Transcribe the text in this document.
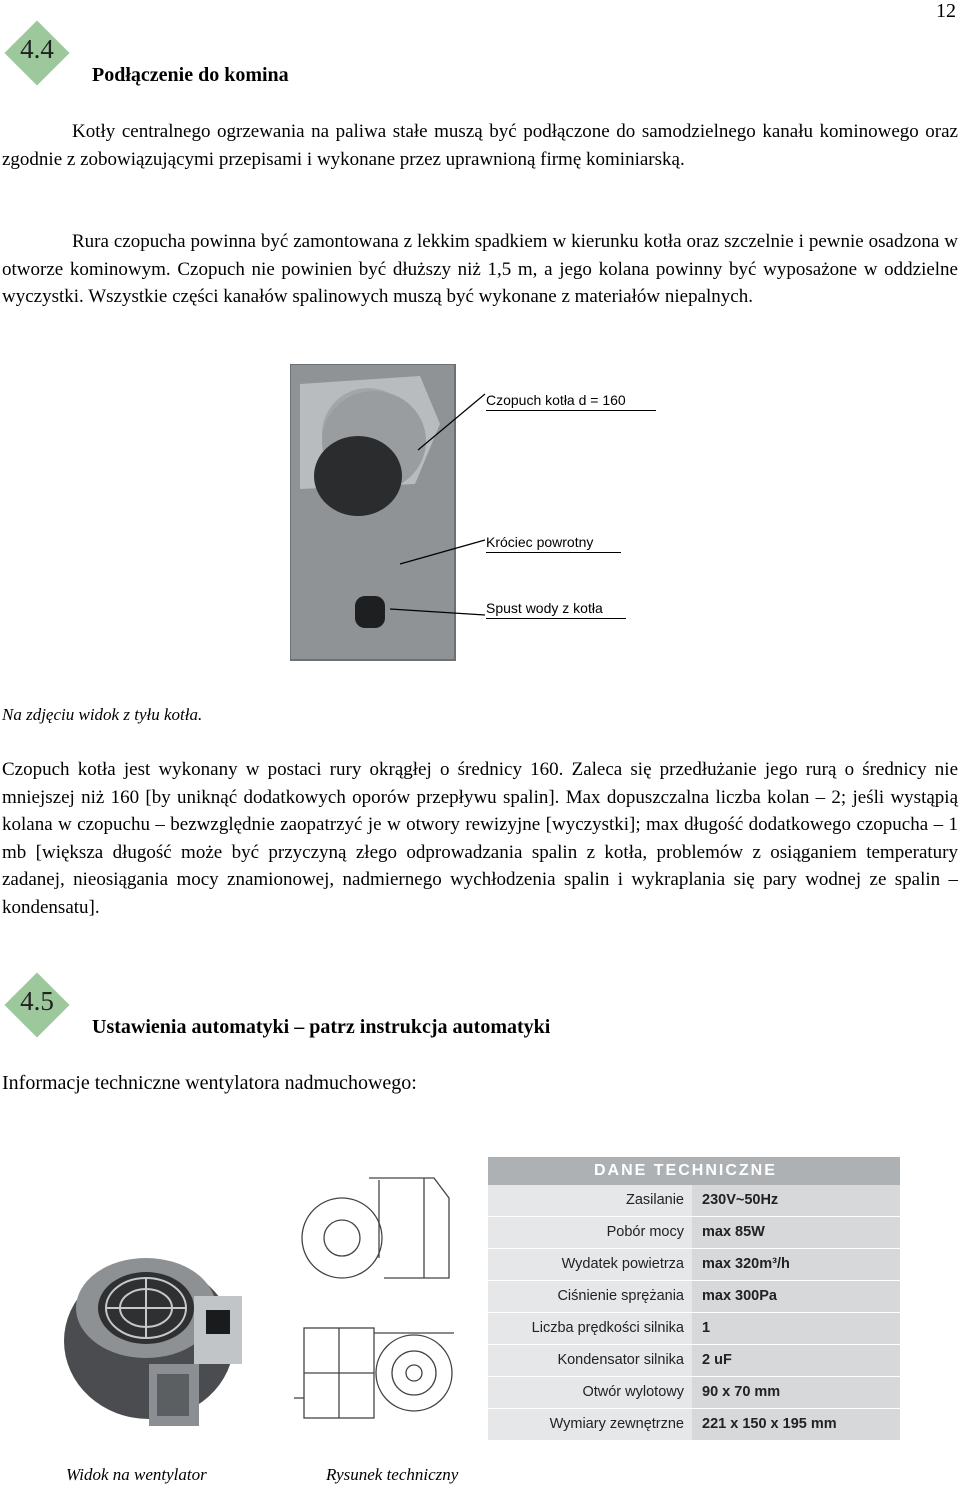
12
4.4
Podłączenie do komina

Kotły centralnego ogrzewania na paliwa stałe muszą być podłączone do samodzielnego kanału kominowego oraz zgodnie z zobowiązującymi przepisami i wykonane przez uprawnioną firmę kominiarską.

Rura czopucha powinna być zamontowana z lekkim spadkiem w kierunku kotła oraz szczelnie i pewnie osadzona w otworze kominowym. Czopuch nie powinien być dłuższy niż 1,5 m, a jego kolana powinny być wyposażone w oddzielne wyczystki. Wszystkie części kanałów spalinowych muszą być wykonane z materiałów niepalnych.

Czopuch kotła d = 160
Króciec powrotny
Spust wody z kotła
Na zdjęciu widok z tyłu kotła.

Czopuch kotła jest wykonany w postaci rury okrągłej o średnicy 160. Zaleca się przedłużanie jego rurą o średnicy nie mniejszej niż 160 [by uniknąć dodatkowych oporów przepływu spalin]. Max dopuszczalna liczba kolan – 2; jeśli wystąpią kolana w czopuchu – bezwzględnie zaopatrzyć je w otwory rewizyjne [wyczystki]; max długość dodatkowego czopucha – 1 mb [większa długość może być przyczyną złego odprowadzania spalin z kotła, problemów z osiąganiem temperatury zadanej, nieosiągania mocy znamionowej, nadmiernego wychłodzenia spalin i wykraplania się pary wodnej ze spalin – kondensatu].

4.5
Ustawienia automatyki – patrz instrukcja automatyki
Informacje techniczne wentylatora nadmuchowego:
DANE TECHNICZNE
Zasilanie	230V~50Hz
Pobór mocy	max 85W
Wydatek powietrza	max 320m³/h
Ciśnienie sprężania	max 300Pa
Liczba prędkości silnika	1
Kondensator silnika	2 uF
Otwór wylotowy	90 x 70 mm
Wymiary zewnętrzne	221 x 150 x 195 mm
Widok na wentylator	Rysunek techniczny
